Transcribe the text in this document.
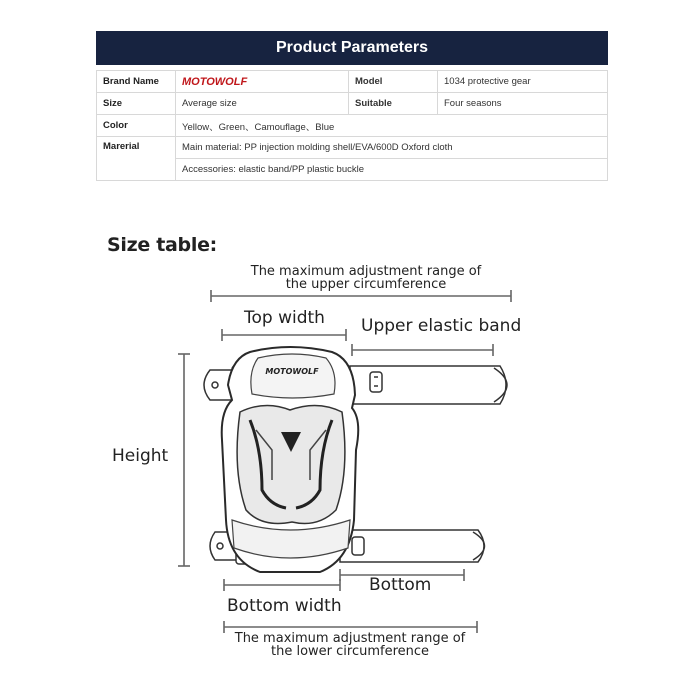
Product Parameters
Brand Name	MOTOWOLF	Model	1034 protective gear
Size	Average size	Suitable	Four seasons
Color	Yellow、Green、Camouflage、Blue		
Marerial	Main material: PP injection molding shell/EVA/600D Oxford cloth		
	Accessories: elastic band/PP plastic buckle		
Size table:
MOTOWOLF
The maximum adjustment range of
the upper circumference
Top width Upper elastic band
Height
Bottom
Bottom width
The maximum adjustment range of
the lower circumference
